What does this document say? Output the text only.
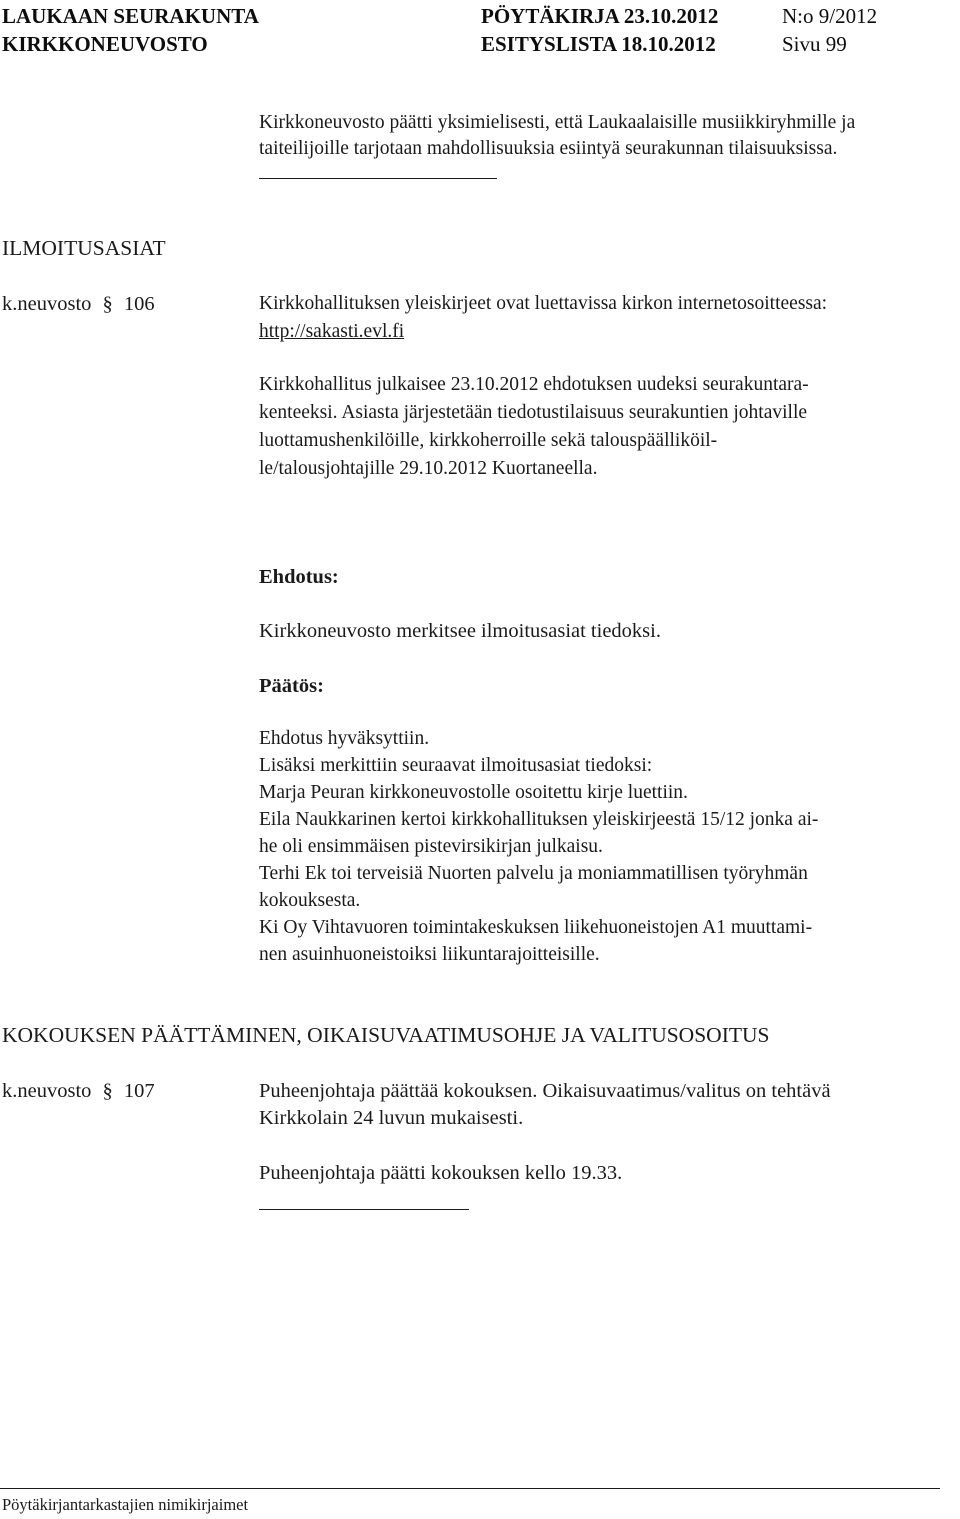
LAUKAAN SEURAKUNTA
KIRKKONEUVOSTO
PÖYTÄKIRJA 23.10.2012
ESITYSLISTA 18.10.2012
N:o 9/2012
Sivu 99
Kirkkoneuvosto päätti yksimielisesti, että Laukaalaisille musiikkiryhmille ja
taiteilijoille tarjotaan mahdollisuuksia esiintyä seurakunnan tilaisuuksissa.
ILMOITUSASIAT
k.neuvosto § 106	Kirkkohallituksen yleiskirjeet ovat luettavissa kirkon internetosoitteessa:
http://sakasti.evl.fi
Kirkkohallitus julkaisee 23.10.2012 ehdotuksen uudeksi seurakuntara-
kenteeksi. Asiasta järjestetään tiedotustilaisuus seurakuntien johtaville
luottamushenkilöille, kirkkoherroille sekä talouspäälliköil-
le/talousjohtajille 29.10.2012 Kuortaneella.
Ehdotus:
Kirkkoneuvosto merkitsee ilmoitusasiat tiedoksi.
Päätös:
Ehdotus hyväksyttiin.
Lisäksi merkittiin seuraavat ilmoitusasiat tiedoksi:
Marja Peuran kirkkoneuvostolle osoitettu kirje luettiin.
Eila Naukkarinen kertoi kirkkohallituksen yleiskirjeestä 15/12 jonka ai-
he oli ensimmäisen pistevirsikirjan julkaisu.
Terhi Ek toi terveisiä Nuorten palvelu ja moniammatillisen työryhmän
kokouksesta.
Ki Oy Vihtavuoren toimintakeskuksen liikehuoneistojen A1 muuttami-
nen asuinhuoneistoiksi liikuntarajoitteisille.
KOKOUKSEN PÄÄTTÄMINEN, OIKAISUVAATIMUSOHJE JA VALITUSOSOITUS
k.neuvosto § 107	Puheenjohtaja päättää kokouksen. Oikaisuvaatimus/valitus on tehtävä
Kirkkolain 24 luvun mukaisesti.
Puheenjohtaja päätti kokouksen kello 19.33.
Pöytäkirjantarkastajien nimikirjaimet
